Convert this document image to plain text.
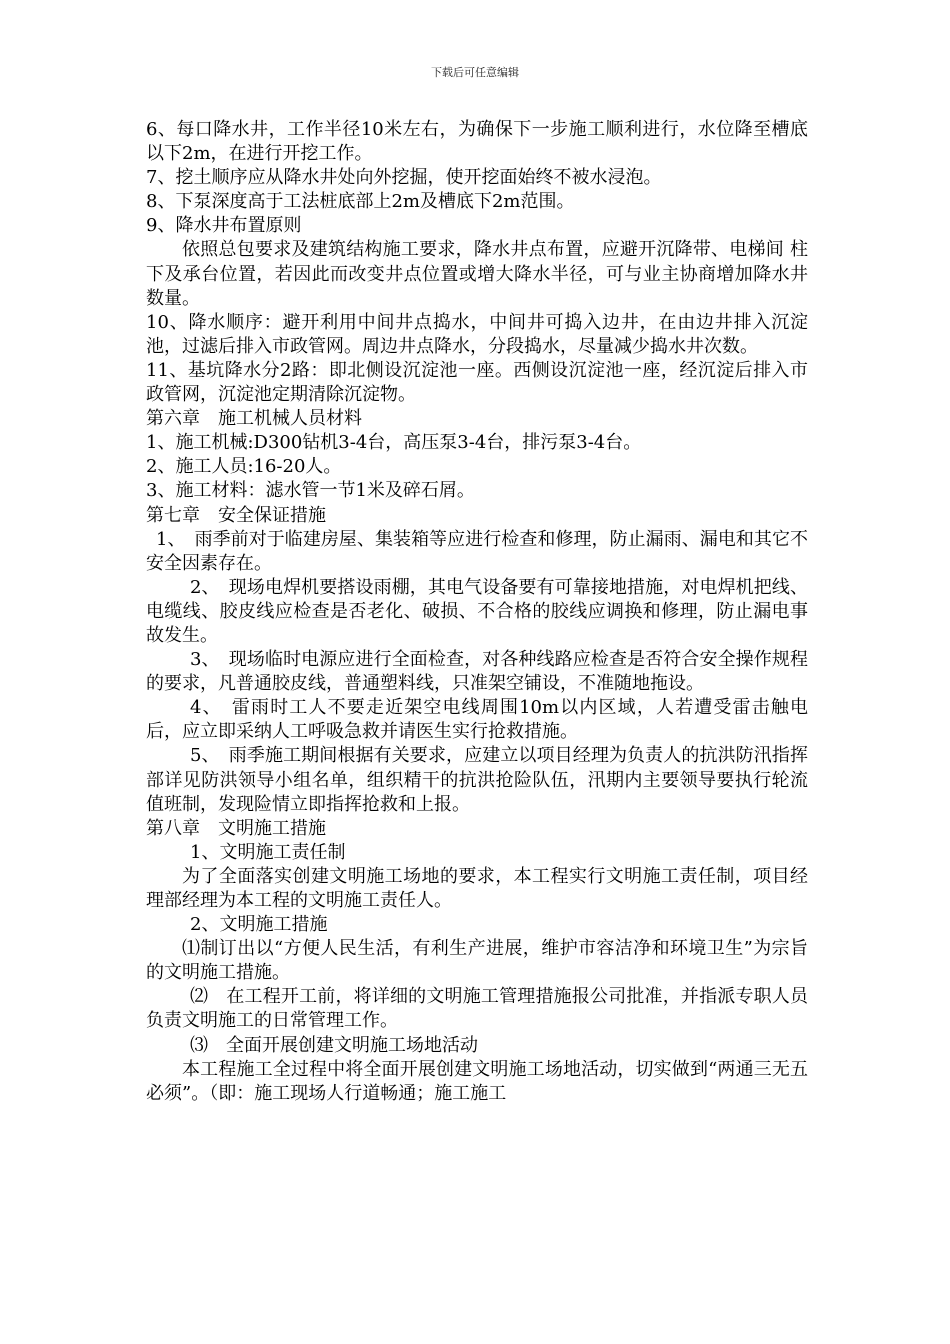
下载后可任意编辑

6、每口降水井，工作半径10米左右，为确保下一步施工顺利进行，水位降至槽底以下2m，在进行开挖工作。

7、挖土顺序应从降水井处向外挖掘，使开挖面始终不被水浸泡。

8、下泵深度高于工法桩底部上2m及槽底下2m范围。

9、降水井布置原则

依照总包要求及建筑结构施工要求，降水井点布置，应避开沉降带、电梯间 柱下及承台位置，若因此而改变井点位置或增大降水半径，可与业主协商增加降水井数量。

10、降水顺序：避开利用中间井点捣水，中间井可捣入边井，在由边井排入沉淀池，过滤后排入市政管网。周边井点降水，分段捣水，尽量减少捣水井次数。

11、基坑降水分2路：即北侧设沉淀池一座。西侧设沉淀池一座，经沉淀后排入市政管网，沉淀池定期清除沉淀物。

第六章　施工机械人员材料

1、施工机械:D300钻机3-4台，高压泵3-4台，排污泵3-4台。

2、施工人员:16-20人。

3、施工材料：滤水管一节1米及碎石屑。

第七章　安全保证措施

1、　雨季前对于临建房屋、集装箱等应进行检查和修理，防止漏雨、漏电和其它不安全因素存在。

2、　现场电焊机要搭设雨棚，其电气设备要有可靠接地措施，对电焊机把线、电缆线、胶皮线应检查是否老化、破损、不合格的胶线应调换和修理，防止漏电事故发生。

3、　现场临时电源应进行全面检查，对各种线路应检查是否符合安全操作规程的要求，凡普通胶皮线，普通塑料线，只准架空铺设，不准随地拖设。

4、　雷雨时工人不要走近架空电线周围10m以内区域，人若遭受雷击触电后，应立即采纳人工呼吸急救并请医生实行抢救措施。

5、　雨季施工期间根据有关要求，应建立以项目经理为负责人的抗洪防汛指挥部详见防洪领导小组名单，组织精干的抗洪抢险队伍，汛期内主要领导要执行轮流值班制，发现险情立即指挥抢救和上报。

第八章　文明施工措施

1、文明施工责任制

为了全面落实创建文明施工场地的要求，本工程实行文明施工责任制，项目经理部经理为本工程的文明施工责任人。

2、文明施工措施

⑴制订出以“方便人民生活，有利生产进展，维护市容洁净和环境卫生”为宗旨的文明施工措施。

⑵　在工程开工前，将详细的文明施工管理措施报公司批准，并指派专职人员负责文明施工的日常管理工作。

⑶　全面开展创建文明施工场地活动

本工程施工全过程中将全面开展创建文明施工场地活动，切实做到“两通三无五必须”。（即：施工现场人行道畅通；施工施工
